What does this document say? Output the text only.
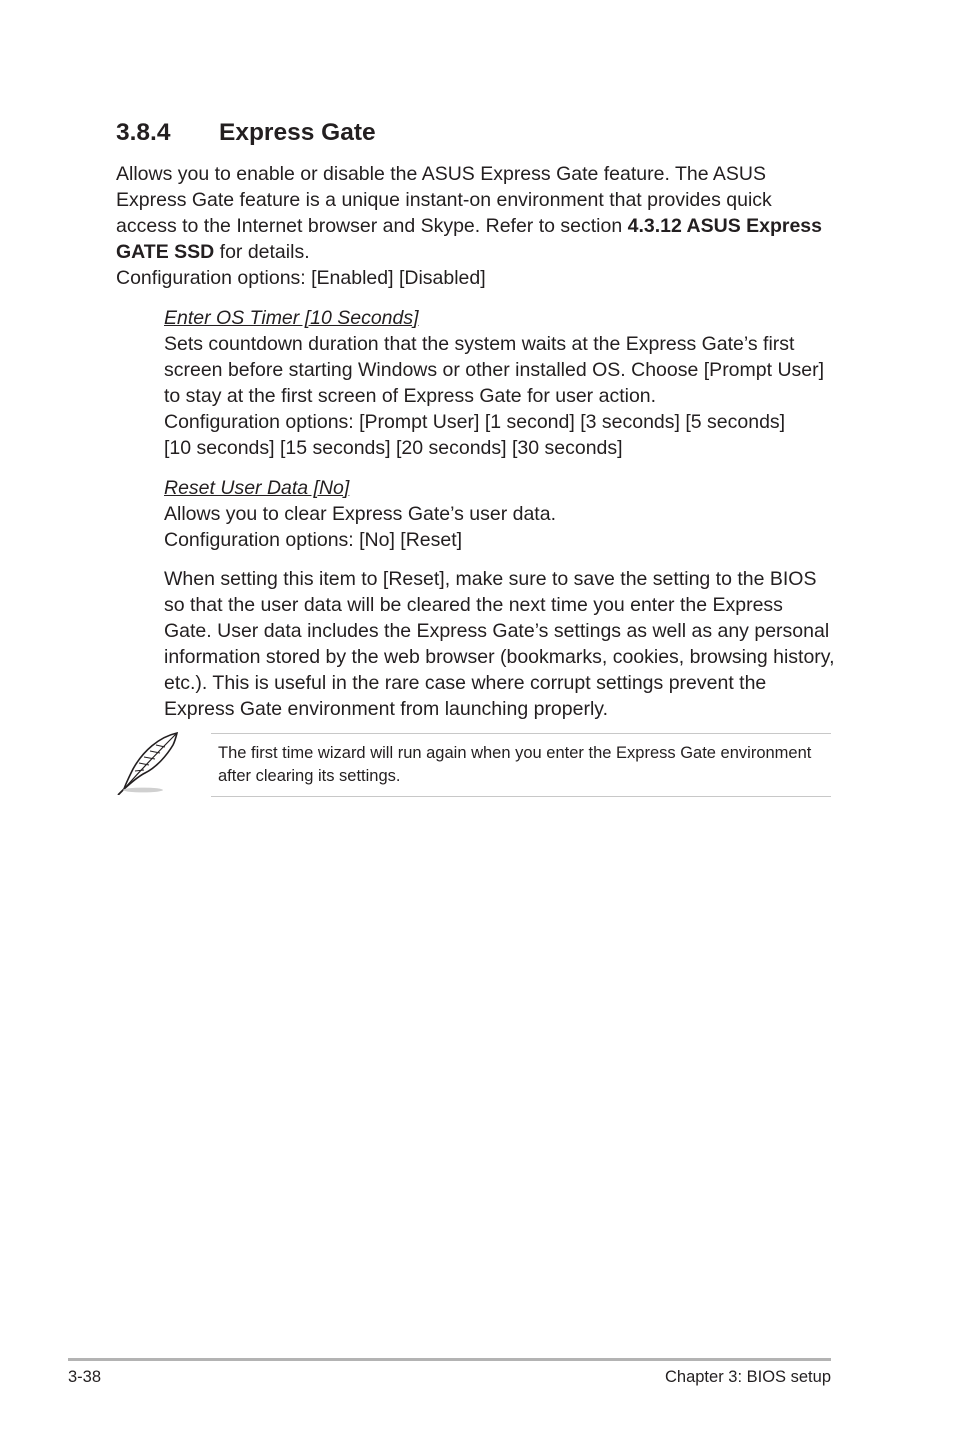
3.8.4 Express Gate
Allows you to enable or disable the ASUS Express Gate feature. The ASUS Express Gate feature is a unique instant-on environment that provides quick access to the Internet browser and Skype. Refer to section 4.3.12 ASUS Express GATE SSD for details.
Configuration options: [Enabled] [Disabled]
Enter OS Timer [10 Seconds]
Sets countdown duration that the system waits at the Express Gate’s first screen before starting Windows or other installed OS. Choose [Prompt User] to stay at the first screen of Express Gate for user action.
Configuration options: [Prompt User] [1 second] [3 seconds] [5 seconds]
[10 seconds] [15 seconds] [20 seconds] [30 seconds]
Reset User Data [No]
Allows you to clear Express Gate’s user data.
Configuration options: [No] [Reset]
When setting this item to [Reset], make sure to save the setting to the BIOS so that the user data will be cleared the next time you enter the Express Gate. User data includes the Express Gate’s settings as well as any personal information stored by the web browser (bookmarks, cookies, browsing history, etc.). This is useful in the rare case where corrupt settings prevent the Express Gate environment from launching properly.

The first time wizard will run again when you enter the Express Gate environment after clearing its settings.

3-38	Chapter 3: BIOS setup
